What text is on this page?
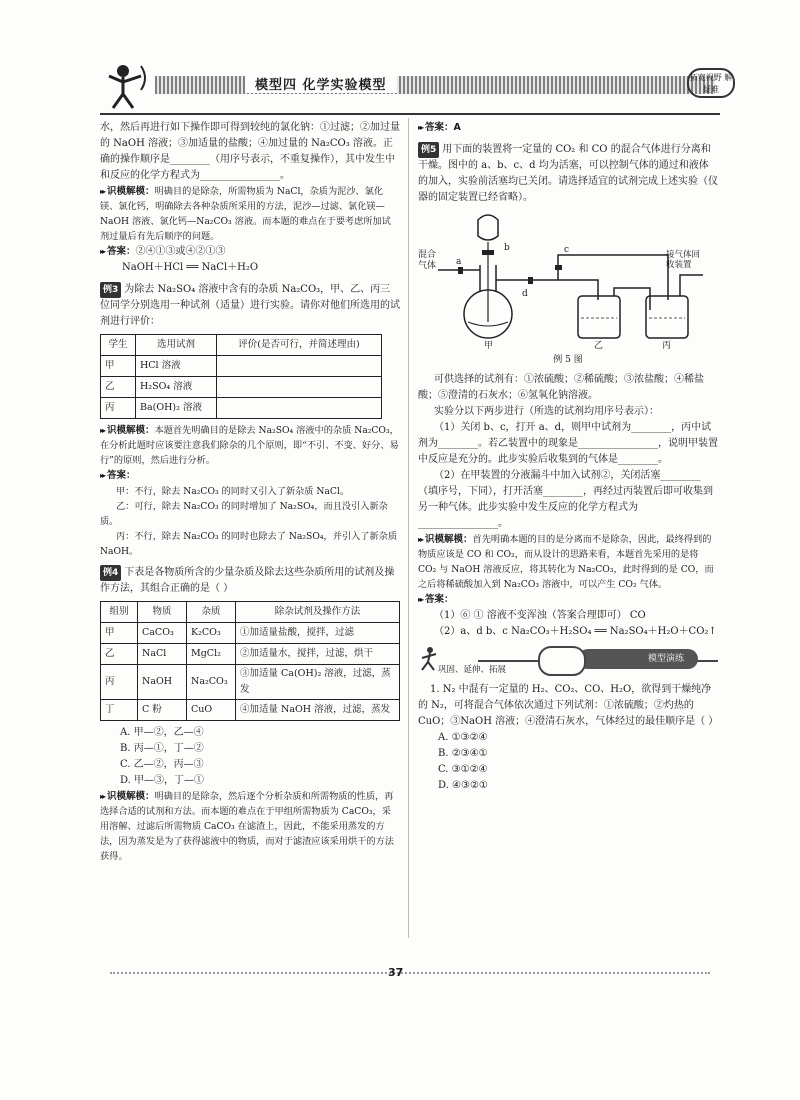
模型四 化学实验模型
拓宽视野 解疑难

水，然后再进行如下操作即可得到较纯的氯化钠：①过滤；②加过量的 NaOH 溶液；③加适量的盐酸；④加过量的 Na₂CO₃ 溶液。正确的操作顺序是________（用序号表示，不重复操作），其中发生中和反应的化学方程式为________________。

▸▸ 识模解模：明确目的是除杂，所需物质为 NaCl，杂质为泥沙、氯化镁、氯化钙，明确除去各种杂质所采用的方法，泥沙—过滤、氯化镁—NaOH 溶液、氯化钙—Na₂CO₃ 溶液。而本题的难点在于要考虑所加试剂过量后有先后顺序的问题。

▸▸ 答案：②④①③或④②①③

NaOH＋HCl ══ NaCl＋H₂O

例3 为除去 Na₂SO₄ 溶液中含有的杂质 Na₂CO₃，甲、乙、丙三位同学分别选用一种试剂（适量）进行实验。请你对他们所选用的试剂进行评价：

学生	选用试剂	评价(是否可行，并简述理由)
甲	HCl 溶液	
乙	H₂SO₄ 溶液	
丙	Ba(OH)₂ 溶液	

▸▸ 识模解模：本题首先明确目的是除去 Na₂SO₄ 溶液中的杂质 Na₂CO₃，在分析此题时应该要注意我们除杂的几个原则，即“不引、不变、好分、易行”的原则，然后进行分析。

▸▸ 答案：

甲：不行，除去 Na₂CO₃ 的同时又引入了新杂质 NaCl。

乙：可行，除去 Na₂CO₃ 的同时增加了 Na₂SO₄，而且没引入新杂质。

丙：不行，除去 Na₂CO₃ 的同时也除去了 Na₂SO₄，并引入了新杂质 NaOH。

例4 下表是各物质所含的少量杂质及除去这些杂质所用的试剂及操作方法，其组合正确的是（ ）

组别	物质	杂质	除杂试剂及操作方法
甲	CaCO₃	K₂CO₃	①加适量盐酸，搅拌，过滤
乙	NaCl	MgCl₂	②加适量水，搅拌，过滤，烘干
丙	NaOH	Na₂CO₃	③加适量 Ca(OH)₂ 溶液，过滤，蒸发
丁	C 粉	CuO	④加适量 NaOH 溶液，过滤，蒸发
A. 甲—②，乙—④
B. 丙—①，丁—②
C. 乙—②，丙—③
D. 甲—③，丁—①

▸▸ 识模解模：明确目的是除杂，然后逐个分析杂质和所需物质的性质，再选择合适的试剂和方法。而本题的难点在于甲组所需物质为 CaCO₃，采用溶解、过滤后所需物质 CaCO₃ 在滤渣上，因此，不能采用蒸发的方法，因为蒸发是为了获得滤液中的物质，而对于滤渣应该采用烘干的方法获得。

▸▸ 答案：A

例5 用下面的装置将一定量的 CO₂ 和 CO 的混合气体进行分离和干燥。图中的 a、b、c、d 均为活塞，可以控制气体的通过和液体的加入，实验前活塞均已关闭。请选择适宜的试剂完成上述实验（仪器的固定装置已经省略）。

混合气体	a
b	c
d
接气体回收装置
甲	乙	丙
例 5 图

可供选择的试剂有：①浓硫酸；②稀硫酸；③浓盐酸；④稀盐酸；⑤澄清的石灰水；⑥氢氧化钠溶液。

实验分以下两步进行（所选的试剂均用序号表示）：

（1）关闭 b、c，打开 a、d，则甲中试剂为________，丙中试剂为________。若乙装置中的现象是________________，说明甲装置中反应是充分的。此步实验后收集到的气体是________。

（2）在甲装置的分液漏斗中加入试剂②，关闭活塞________（填序号，下同），打开活塞________，再经过丙装置后即可收集到另一种气体。此步实验中发生反应的化学方程式为________________。

▸▸ 识模解模：首先明确本题的目的是分离而不是除杂，因此，最终得到的物质应该是 CO 和 CO₂，而从设计的思路来看，本题首先采用的是将 CO₂ 与 NaOH 溶液反应，将其转化为 Na₂CO₃，此时得到的是 CO，而之后将稀硫酸加入到 Na₂CO₃ 溶液中，可以产生 CO₂ 气体。

▸▸ 答案：

（1）⑥ ① 溶液不变浑浊（答案合理即可） CO

（2）a、d b、c Na₂CO₃＋H₂SO₄ ══ Na₂SO₄＋H₂O＋CO₂↑

模型演练
巩固、延伸、拓展

1. N₂ 中混有一定量的 H₂、CO₂、CO、H₂O，欲得到干燥纯净的 N₂，可将混合气体依次通过下列试剂：①浓硫酸；②灼热的 CuO；③NaOH 溶液；④澄清石灰水，气体经过的最佳顺序是（ ）

A. ①③②④
B. ②③④①
C. ③①②④
D. ④③②①
37
